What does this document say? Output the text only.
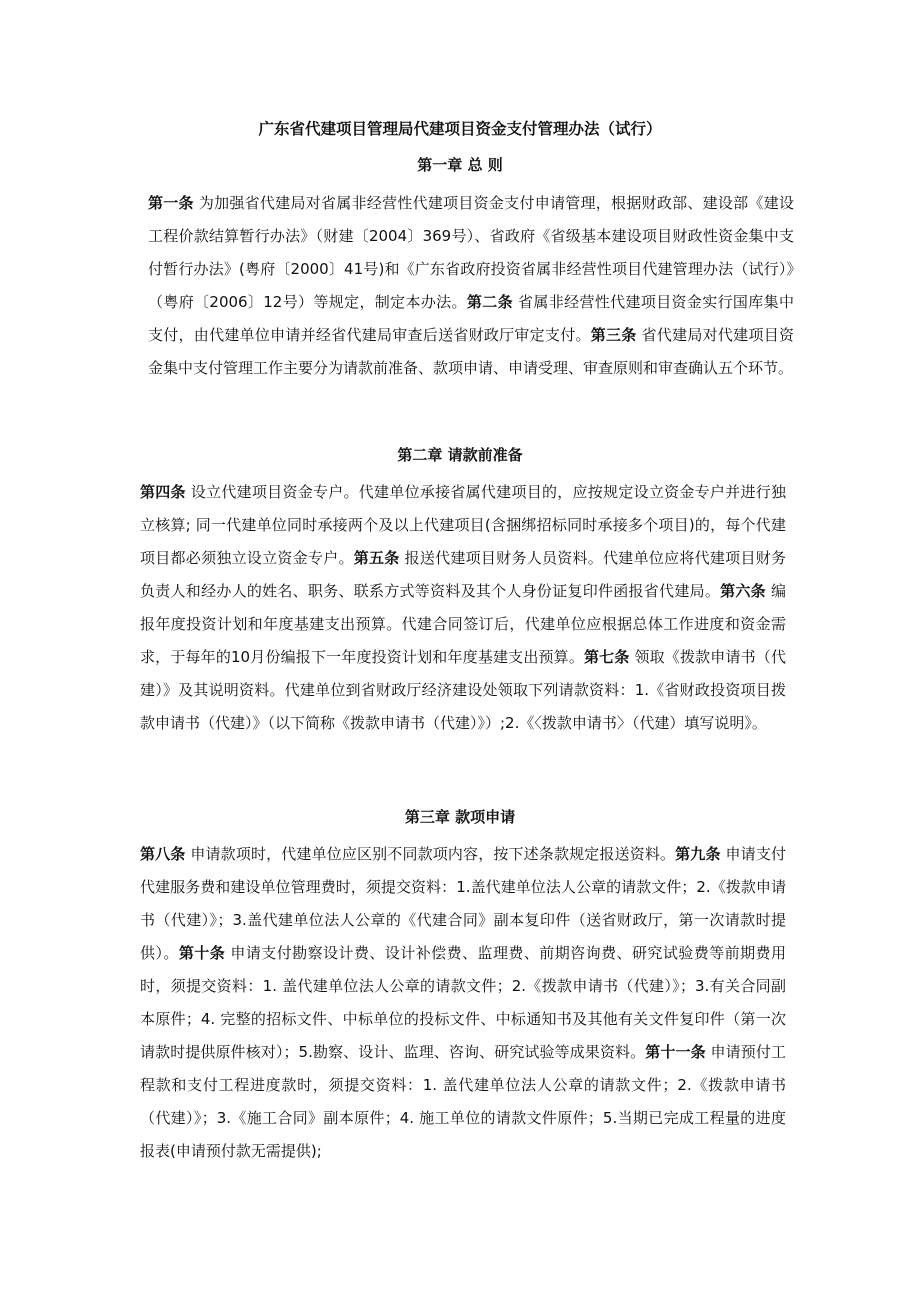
广东省代建项目管理局代建项目资金支付管理办法（试行）
第一章 总 则
第一条 为加强省代建局对省属非经营性代建项目资金支付申请管理，根据财政部、建设部《建设工程价款结算暂行办法》（财建〔2004〕369号）、省政府《省级基本建设项目财政性资金集中支付暂行办法》(粤府〔2000〕41号)和《广东省政府投资省属非经营性项目代建管理办法（试行）》（粤府〔2006〕12号）等规定，制定本办法。第二条 省属非经营性代建项目资金实行国库集中支付，由代建单位申请并经省代建局审查后送省财政厅审定支付。第三条 省代建局对代建项目资金集中支付管理工作主要分为请款前准备、款项申请、申请受理、审查原则和审查确认五个环节。
第二章 请款前准备
第四条 设立代建项目资金专户。代建单位承接省属代建项目的，应按规定设立资金专户并进行独立核算; 同一代建单位同时承接两个及以上代建项目(含捆绑招标同时承接多个项目)的，每个代建项目都必须独立设立资金专户。第五条 报送代建项目财务人员资料。代建单位应将代建项目财务负责人和经办人的姓名、职务、联系方式等资料及其个人身份证复印件函报省代建局。第六条 编报年度投资计划和年度基建支出预算。代建合同签订后，代建单位应根据总体工作进度和资金需求，于每年的10月份编报下一年度投资计划和年度基建支出预算。第七条 领取《拨款申请书（代建）》及其说明资料。代建单位到省财政厅经济建设处领取下列请款资料：1.《省财政投资项目拨款申请书（代建）》（以下简称《拨款申请书（代建）》）;2.《〈拨款申请书〉（代建）填写说明》。
第三章 款项申请
第八条 申请款项时，代建单位应区别不同款项内容，按下述条款规定报送资料。第九条 申请支付代建服务费和建设单位管理费时，须提交资料：1.盖代建单位法人公章的请款文件；2.《拨款申请书（代建）》；3.盖代建单位法人公章的《代建合同》副本复印件（送省财政厅，第一次请款时提供）。第十条 申请支付勘察设计费、设计补偿费、监理费、前期咨询费、研究试验费等前期费用时，须提交资料：1. 盖代建单位法人公章的请款文件；2.《拨款申请书（代建）》；3.有关合同副本原件；4. 完整的招标文件、中标单位的投标文件、中标通知书及其他有关文件复印件（第一次请款时提供原件核对）；5.勘察、设计、监理、咨询、研究试验等成果资料。第十一条 申请预付工程款和支付工程进度款时，须提交资料：1. 盖代建单位法人公章的请款文件；2.《拨款申请书（代建）》；3.《施工合同》副本原件；4. 施工单位的请款文件原件；5.当期已完成工程量的进度报表(申请预付款无需提供);
